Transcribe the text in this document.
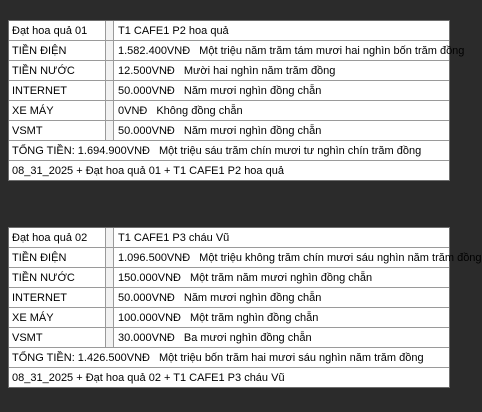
Đạt hoa quả 01	T1 CAFE1 P2 hoa quả
TIỀN ĐIỆN	1.582.400VNĐ Một triệu năm trăm tám mươi hai nghìn bốn trăm đồng
TIỀN NƯỚC	12.500VNĐ Mười hai nghìn năm trăm đồng
INTERNET	50.000VNĐ Năm mươi nghìn đồng chẵn
XE MÁY	0VNĐ Không đồng chẵn
VSMT	50.000VNĐ Năm mươi nghìn đồng chẵn
TỔNG TIỀN: 1.694.900VNĐ Một triệu sáu trăm chín mươi tư nghìn chín trăm đồng
08_31_2025 + Đạt hoa quả 01 + T1 CAFE1 P2 hoa quả
Đạt hoa quả 02	T1 CAFE1 P3 cháu Vũ
TIỀN ĐIỆN	1.096.500VNĐ Một triệu không trăm chín mươi sáu nghìn năm trăm đồng
TIỀN NƯỚC	150.000VNĐ Một trăm năm mươi nghìn đồng chẵn
INTERNET	50.000VNĐ Năm mươi nghìn đồng chẵn
XE MÁY	100.000VNĐ Một trăm nghìn đồng chẵn
VSMT	30.000VNĐ Ba mươi nghìn đồng chẵn
TỔNG TIỀN: 1.426.500VNĐ Một triệu bốn trăm hai mươi sáu nghìn năm trăm đồng
08_31_2025 + Đạt hoa quả 02 + T1 CAFE1 P3 cháu Vũ
